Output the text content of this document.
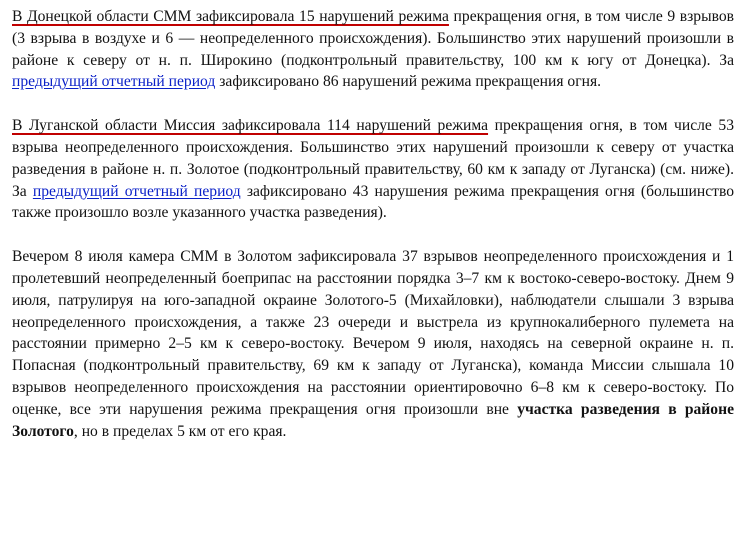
В Донецкой области СММ зафиксировала 15 нарушений режима прекращения огня, в том числе 9 взрывов (3 взрыва в воздухе и 6 — неопределенного происхождения). Большинство этих нарушений произошли в районе к северу от н. п. Широкино (подконтрольный правительству, 100 км к югу от Донецка). За предыдущий отчетный период зафиксировано 86 нарушений режима прекращения огня.

В Луганской области Миссия зафиксировала 114 нарушений режима прекращения огня, в том числе 53 взрыва неопределенного происхождения. Большинство этих нарушений произошли к северу от участка разведения в районе н. п. Золотое (подконтрольный правительству, 60 км к западу от Луганска) (см. ниже). За предыдущий отчетный период зафиксировано 43 нарушения режима прекращения огня (большинство также произошло возле указанного участка разведения).

Вечером 8 июля камера СММ в Золотом зафиксировала 37 взрывов неопределенного происхождения и 1 пролетевший неопределенный боеприпас на расстоянии порядка 3–7 км к востоко-северо-востоку. Днем 9 июля, патрулируя на юго-западной окраине Золотого-5 (Михайловки), наблюдатели слышали 3 взрыва неопределенного происхождения, а также 23 очереди и выстрела из крупнокалиберного пулемета на расстоянии примерно 2–5 км к северо-востоку. Вечером 9 июля, находясь на северной окраине н. п. Попасная (подконтрольный правительству, 69 км к западу от Луганска), команда Миссии слышала 10 взрывов неопределенного происхождения на расстоянии ориентировочно 6–8 км к северо-востоку. По оценке, все эти нарушения режима прекращения огня произошли вне участка разведения в районе Золотого, но в пределах 5 км от его края.
